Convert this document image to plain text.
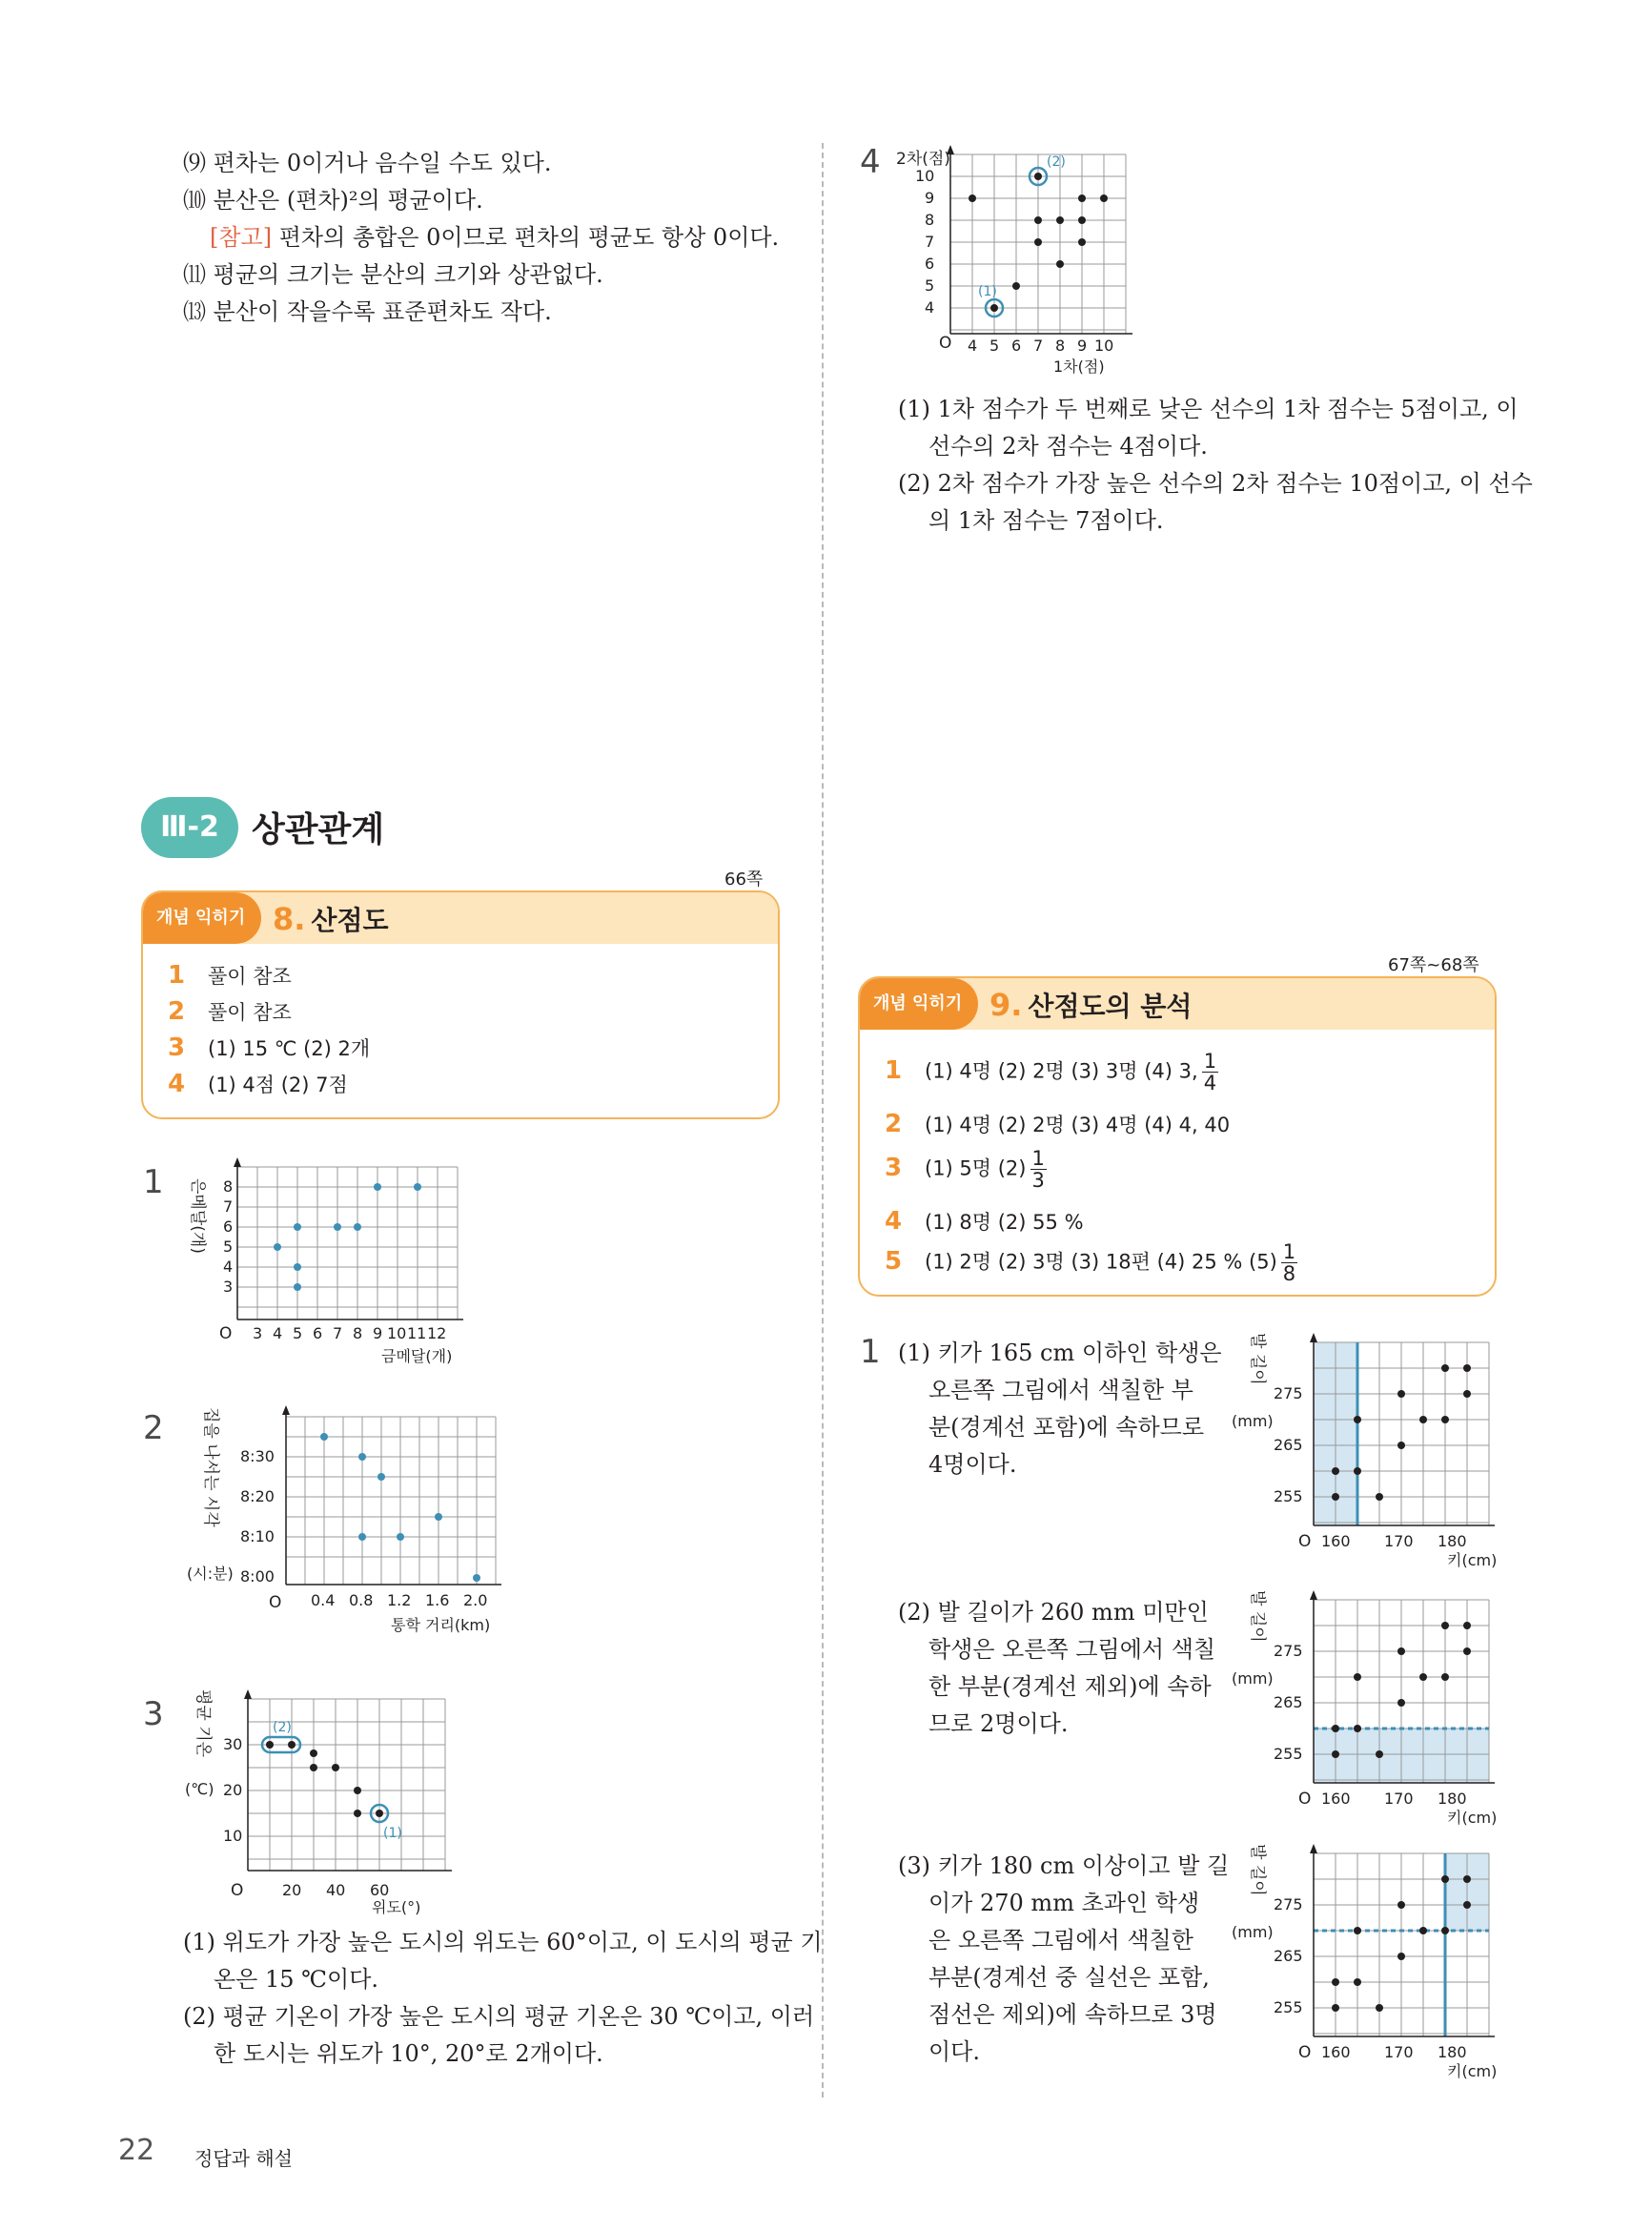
⑼ 편차는 0이거나 음수일 수도 있다.
⑽ 분산은 (편차)²의 평균이다.
[참고] 편차의 총합은 0이므로 편차의 평균도 항상 0이다.
⑾ 평균의 크기는 분산의 크기와 상관없다.
⒀ 분산이 작을수록 표준편차도 작다.
4 2차(점)
O
1차(점)
10
9
8
7
6
5
4
4 5 6 7 8 9 10
(1)
(2)
(1) 1차 점수가 두 번째로 낮은 선수의 1차 점수는 5점이고, 이
선수의 2차 점수는 4점이다.
(2) 2차 점수가 가장 높은 선수의 2차 점수는 10점이고, 이 선수
의 1차 점수는 7점이다.
Ⅲ-2 상관관계
66쪽
개념 익히기 8. 산점도
1 풀이 참조
2 풀이 참조
3 (1) 15 ℃ (2) 2개
4 (1) 4점 (2) 7점
67쪽~68쪽
개념 익히기 9. 산점도의 분석
1 (1) 4명 (2) 2명 (3) 3명 (4) 3, $\frac{1}{4}$
2 (1) 4명 (2) 2명 (3) 4명 (4) 4, 40
3 (1) 5명 $(2) \frac{1}{3}$
4 (1) 8명 (2) 55 %
5 (1) 2명 (2) 3명 (3) 18편 (4) 25 % $(5) \frac{1}{8}$
1 은메달(개)
O
금메달(개)
8
7
6
5
4
3
3 4 5 6 7 8 9 10 11 12
2 집을 나서는 시각
(시:분)
O
통학 거리(km)
8:30
8:20
8:10
8:00
0.4 0.8 1.2 1.6 2.0
3 평균 기온
(℃)
O
위도(°)
30
20
10
20 40 60
(2)
(1)
(1) 위도가 가장 높은 도시의 위도는 60°이고, 이 도시의 평균 기
온은 15 ℃이다.
(2) 평균 기온이 가장 높은 도시의 평균 기온은 30 ℃이고, 이러
한 도시는 위도가 10°, 20°로 2개이다.
1 (1) 키가 165 cm 이하인 학생은
오른쪽 그림에서 색칠한 부
분(경계선 포함)에 속하므로
4명이다.
발 길이
(mm)
O
키(cm)
275
265
255
160 170 180
(2) 발 길이가 260 mm 미만인
학생은 오른쪽 그림에서 색칠
한 부분(경계선 제외)에 속하
므로 2명이다.
발 길이
(mm)
O
키(cm)
275
265
255
160 170 180
(3) 키가 180 cm 이상이고 발 길
이가 270 mm 초과인 학생
은 오른쪽 그림에서 색칠한
부분(경계선 중 실선은 포함,
점선은 제외)에 속하므로 3명
이다.
발 길이
(mm)
O
키(cm)
275
265
255
160 170 180
22 정답과 해설
